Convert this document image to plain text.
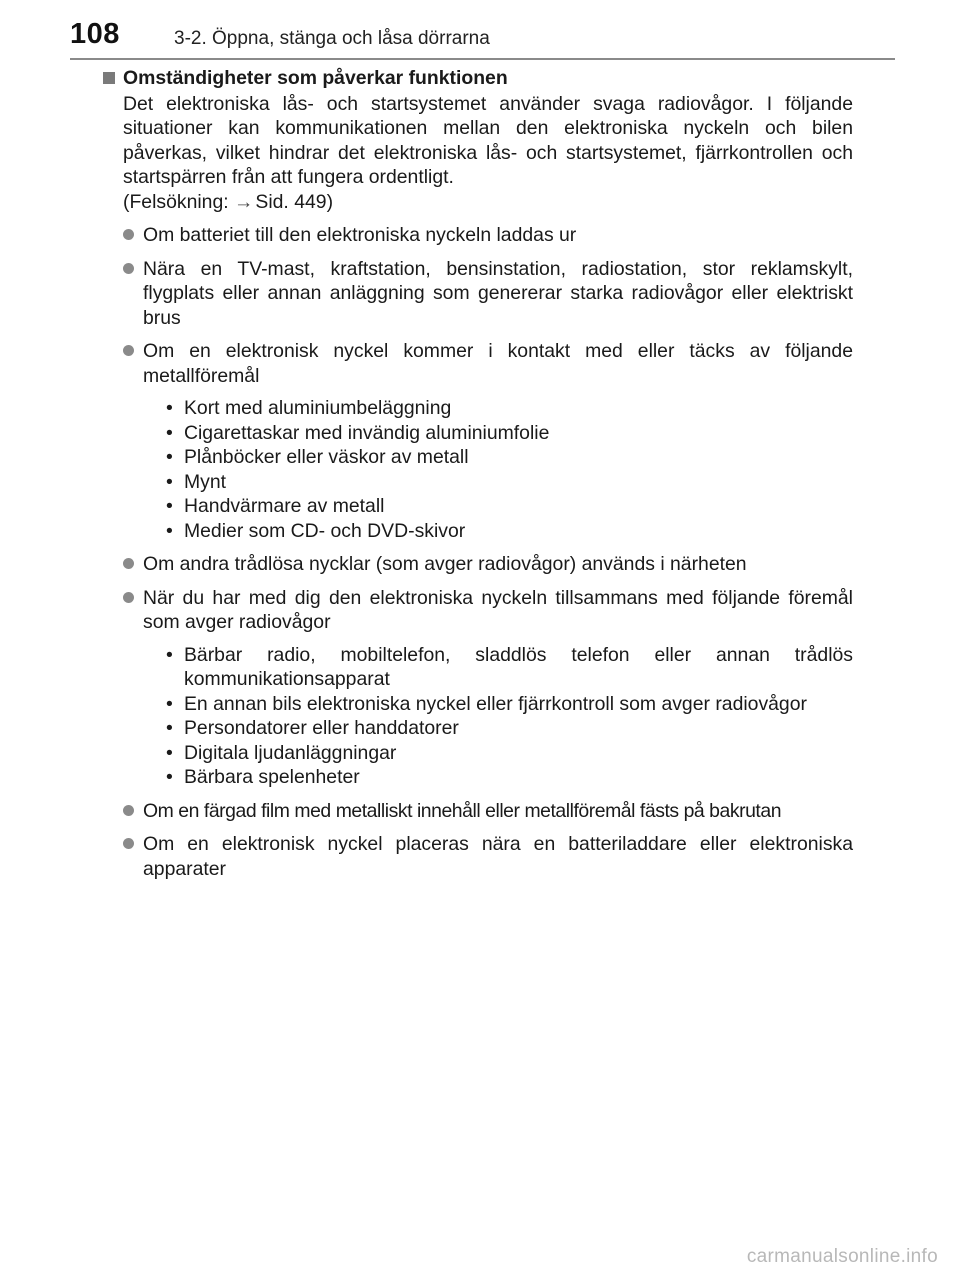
108	3-2. Öppna, stänga och låsa dörrarna
Omständigheter som påverkar funktionen
Det elektroniska lås- och startsystemet använder svaga radiovågor. I följande situationer kan kommunikationen mellan den elektroniska nyckeln och bilen påverkas, vilket hindrar det elektroniska lås- och startsystemet, fjärrkontrollen och startspärren från att fungera ordentligt.
(Felsökning: → Sid. 449)
Om batteriet till den elektroniska nyckeln laddas ur
Nära en TV-mast, kraftstation, bensinstation, radiostation, stor reklamskylt, flygplats eller annan anläggning som genererar starka radiovågor eller elektriskt brus
Om en elektronisk nyckel kommer i kontakt med eller täcks av följande metallföremål
• Kort med aluminiumbeläggning
• Cigarettaskar med invändig aluminiumfolie
• Plånböcker eller väskor av metall
• Mynt
• Handvärmare av metall
• Medier som CD- och DVD-skivor
Om andra trådlösa nycklar (som avger radiovågor) används i närheten
När du har med dig den elektroniska nyckeln tillsammans med följande föremål som avger radiovågor
• Bärbar radio, mobiltelefon, sladdlös telefon eller annan trådlös kommunikationsapparat
• En annan bils elektroniska nyckel eller fjärrkontroll som avger radiovågor
• Persondatorer eller handdatorer
• Digitala ljudanläggningar
• Bärbara spelenheter
Om en färgad film med metalliskt innehåll eller metallföremål fästs på bakrutan
Om en elektronisk nyckel placeras nära en batteriladdare eller elektroniska apparater
carmanualsonline.info
